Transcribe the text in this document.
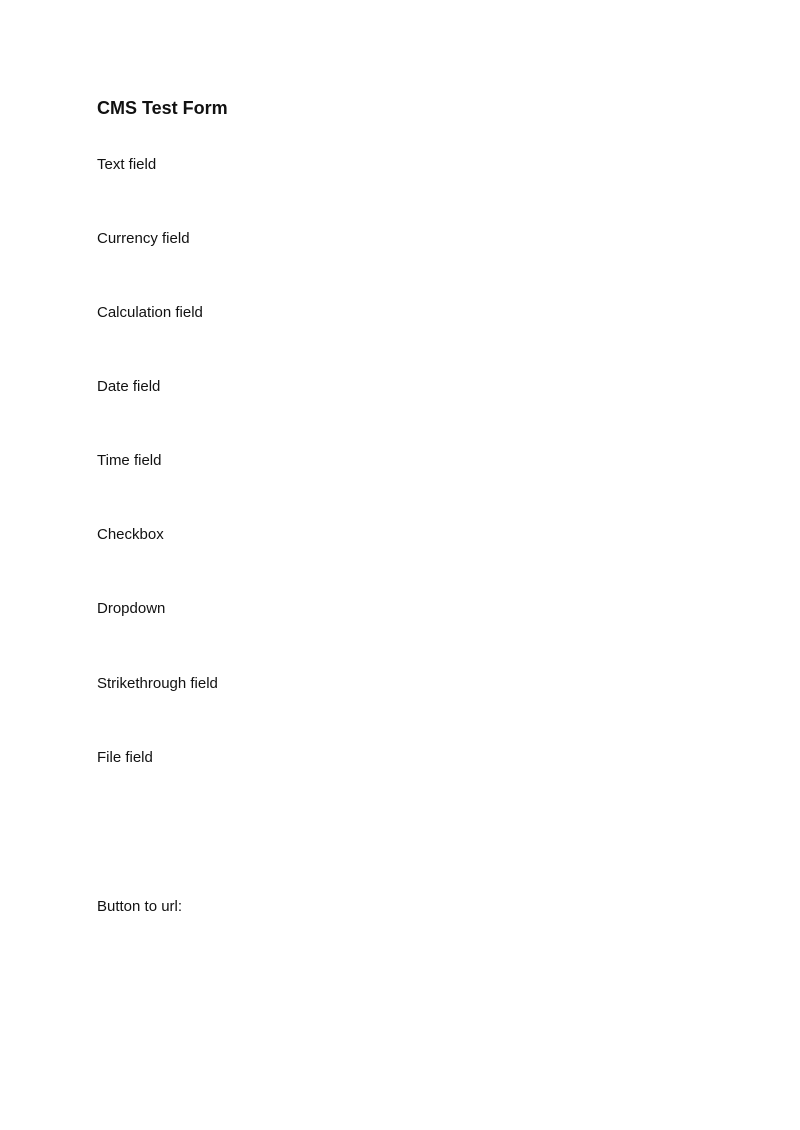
CMS Test Form
Text field
Currency field
Calculation field
Date field
Time field
Checkbox
Dropdown
Strikethrough field
File field
Button to url:
